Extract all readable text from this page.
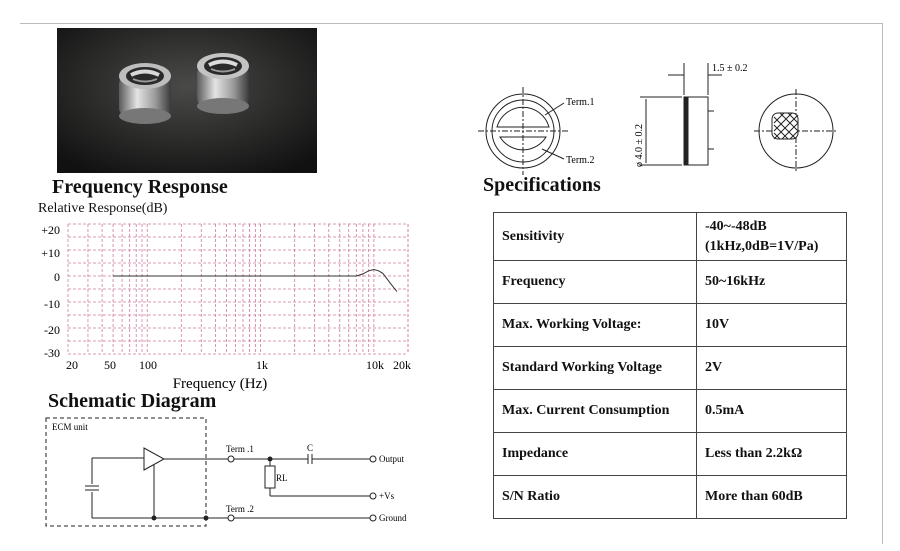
Frequency Response
Relative Response(dB)
+20
+10
0
-10
-20
-30
20 50 100	1k	10k 20k
Frequency (Hz)
Schematic Diagram
ECM unit
Term .1
Term .2
RL
C
Output
+Vs
Ground
Term.1
Term.2
1.5 ± 0.2
ø 4.0 ± 0.2
Specifications
Sensitivity	-40~-48dB
(1kHz,0dB=1V/Pa)

Frequency	50~16kHz
Max. Working Voltage:	10V
Standard Working Voltage	2V
Max. Current Consumption	0.5mA
Impedance	Less than 2.2kΩ
S/N Ratio	More than 60dB
